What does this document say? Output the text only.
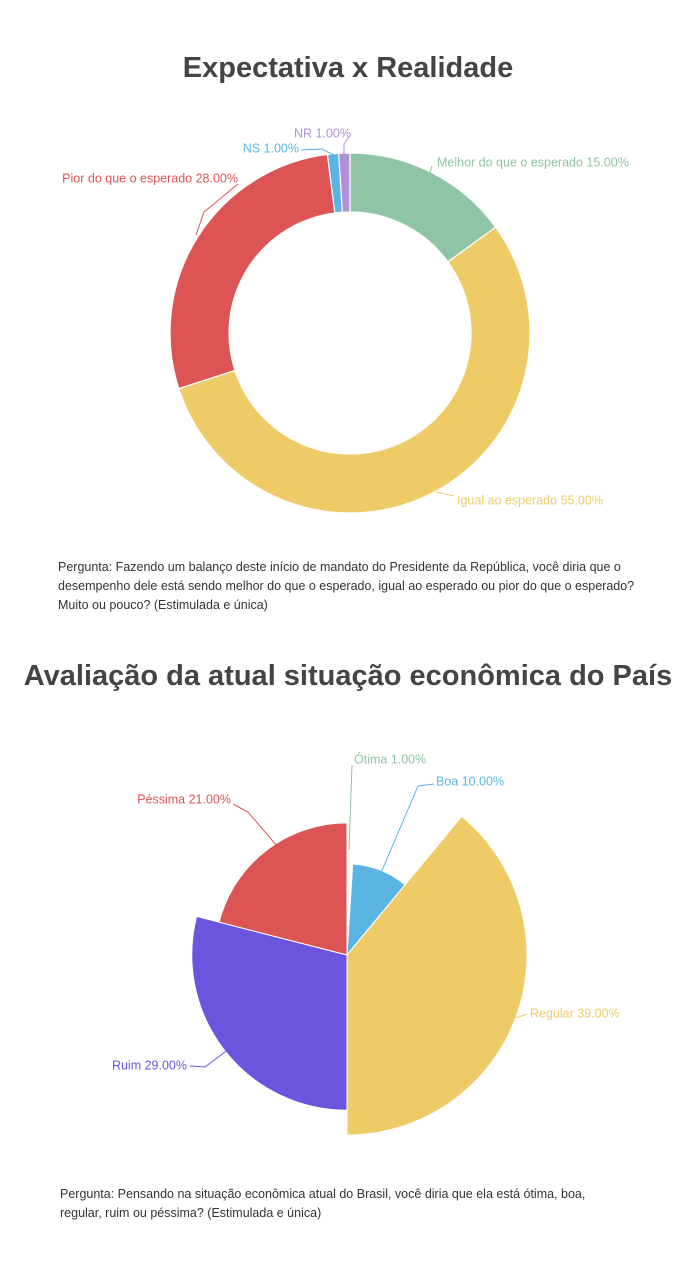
Expectativa x Realidade
Melhor do que o esperado 15.00%
Igual ao esperado 55.00%
Pior do que o esperado 28.00%
NS 1.00%
NR 1.00%

Pergunta: Fazendo um balanço deste início de mandato do Presidente da República, você diria que o desempenho dele está sendo melhor do que o esperado, igual ao esperado ou pior do que o esperado? Muito ou pouco? (Estimulada e única)

Avaliação da atual situação econômica do País
Ótima 1.00%
Boa 10.00%
Regular 39.00%
Ruim 29.00%
Péssima 21.00%

Pergunta: Pensando na situação econômica atual do Brasil, você diria que ela está ótima, boa, regular, ruim ou péssima? (Estimulada e única)
